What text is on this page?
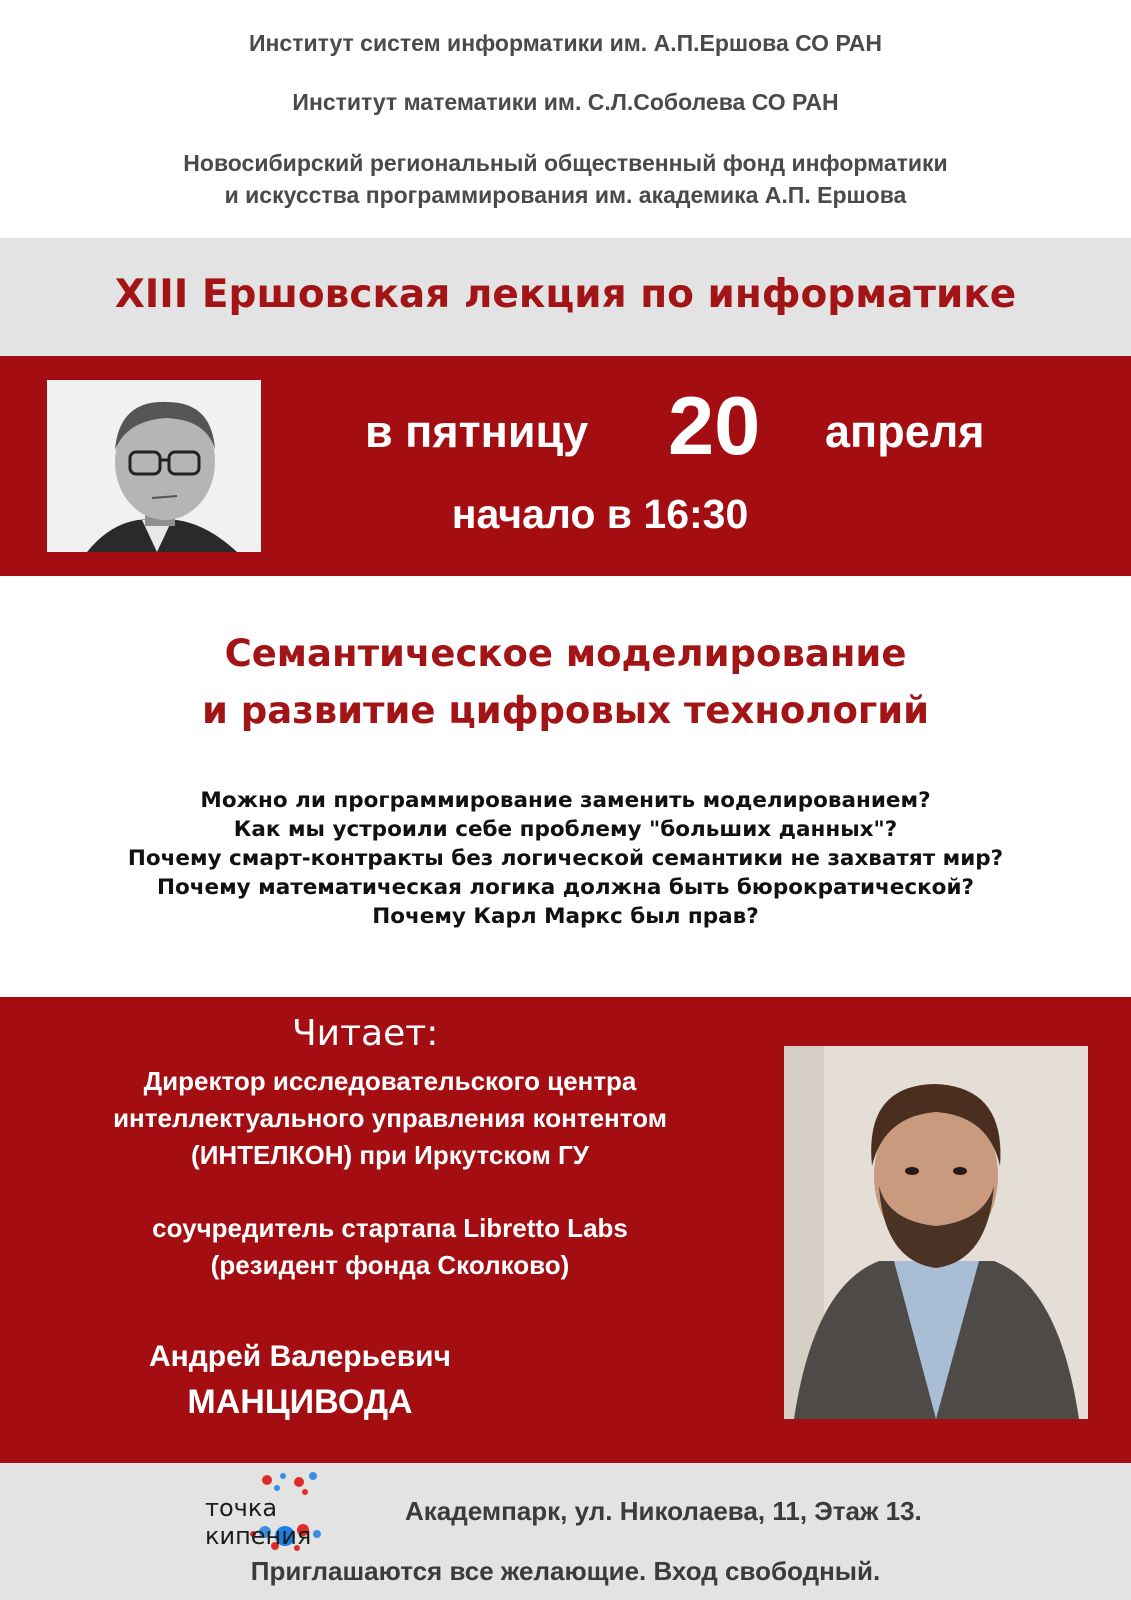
Институт систем информатики им. А.П.Ершова СО РАН
Институт математики им. С.Л.Соболева СО РАН
Новосибирский региональный общественный фонд информатики
и искусства программирования им. академика А.П. Ершова
XIII Ершовская лекция по информатике
в пятницу 20 апреля
начало в 16:30
Семантическое моделирование
и развитие цифровых технологий
Можно ли программирование заменить моделированием?
Как мы устроили себе проблему "больших данных"?
Почему смарт-контракты без логической семантики не захватят мир?
Почему математическая логика должна быть бюрократической?
Почему Карл Маркс был прав?
Читает:
Директор исследовательского центра
интеллектуального управления контентом
(ИНТЕЛКОН) при Иркутском ГУ
соучредитель стартапа Libretto Labs
(резидент фонда Сколково)
Андрей Валерьевич
МАНЦИВОДА
точка кипения
Академпарк, ул. Николаева, 11, Этаж 13.
Приглашаются все желающие. Вход свободный.
